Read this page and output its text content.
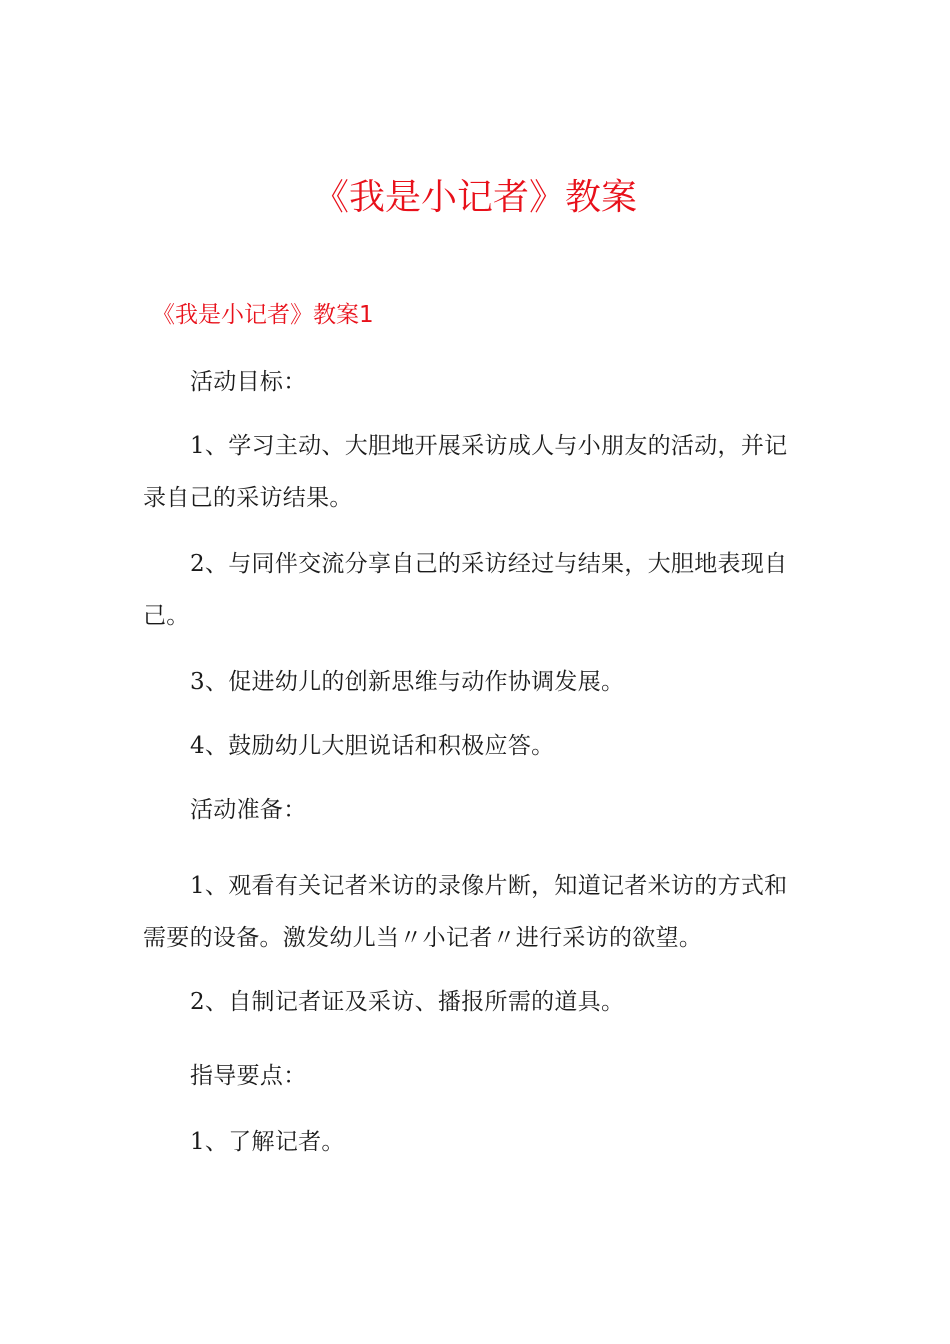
《我是小记者》教案
《我是小记者》教案1

活动目标：

1、学习主动、大胆地开展采访成人与小朋友的活动，并记录自己的采访结果。

2、与同伴交流分享自己的采访经过与结果，大胆地表现自己。

3、促进幼儿的创新思维与动作协调发展。

4、鼓励幼儿大胆说话和积极应答。

活动准备：

1、观看有关记者米访的录像片断，知道记者米访的方式和需要的设备。激发幼儿当〃小记者〃进行采访的欲望。

2、自制记者证及采访、播报所需的道具。

指导要点：

1、了解记者。
